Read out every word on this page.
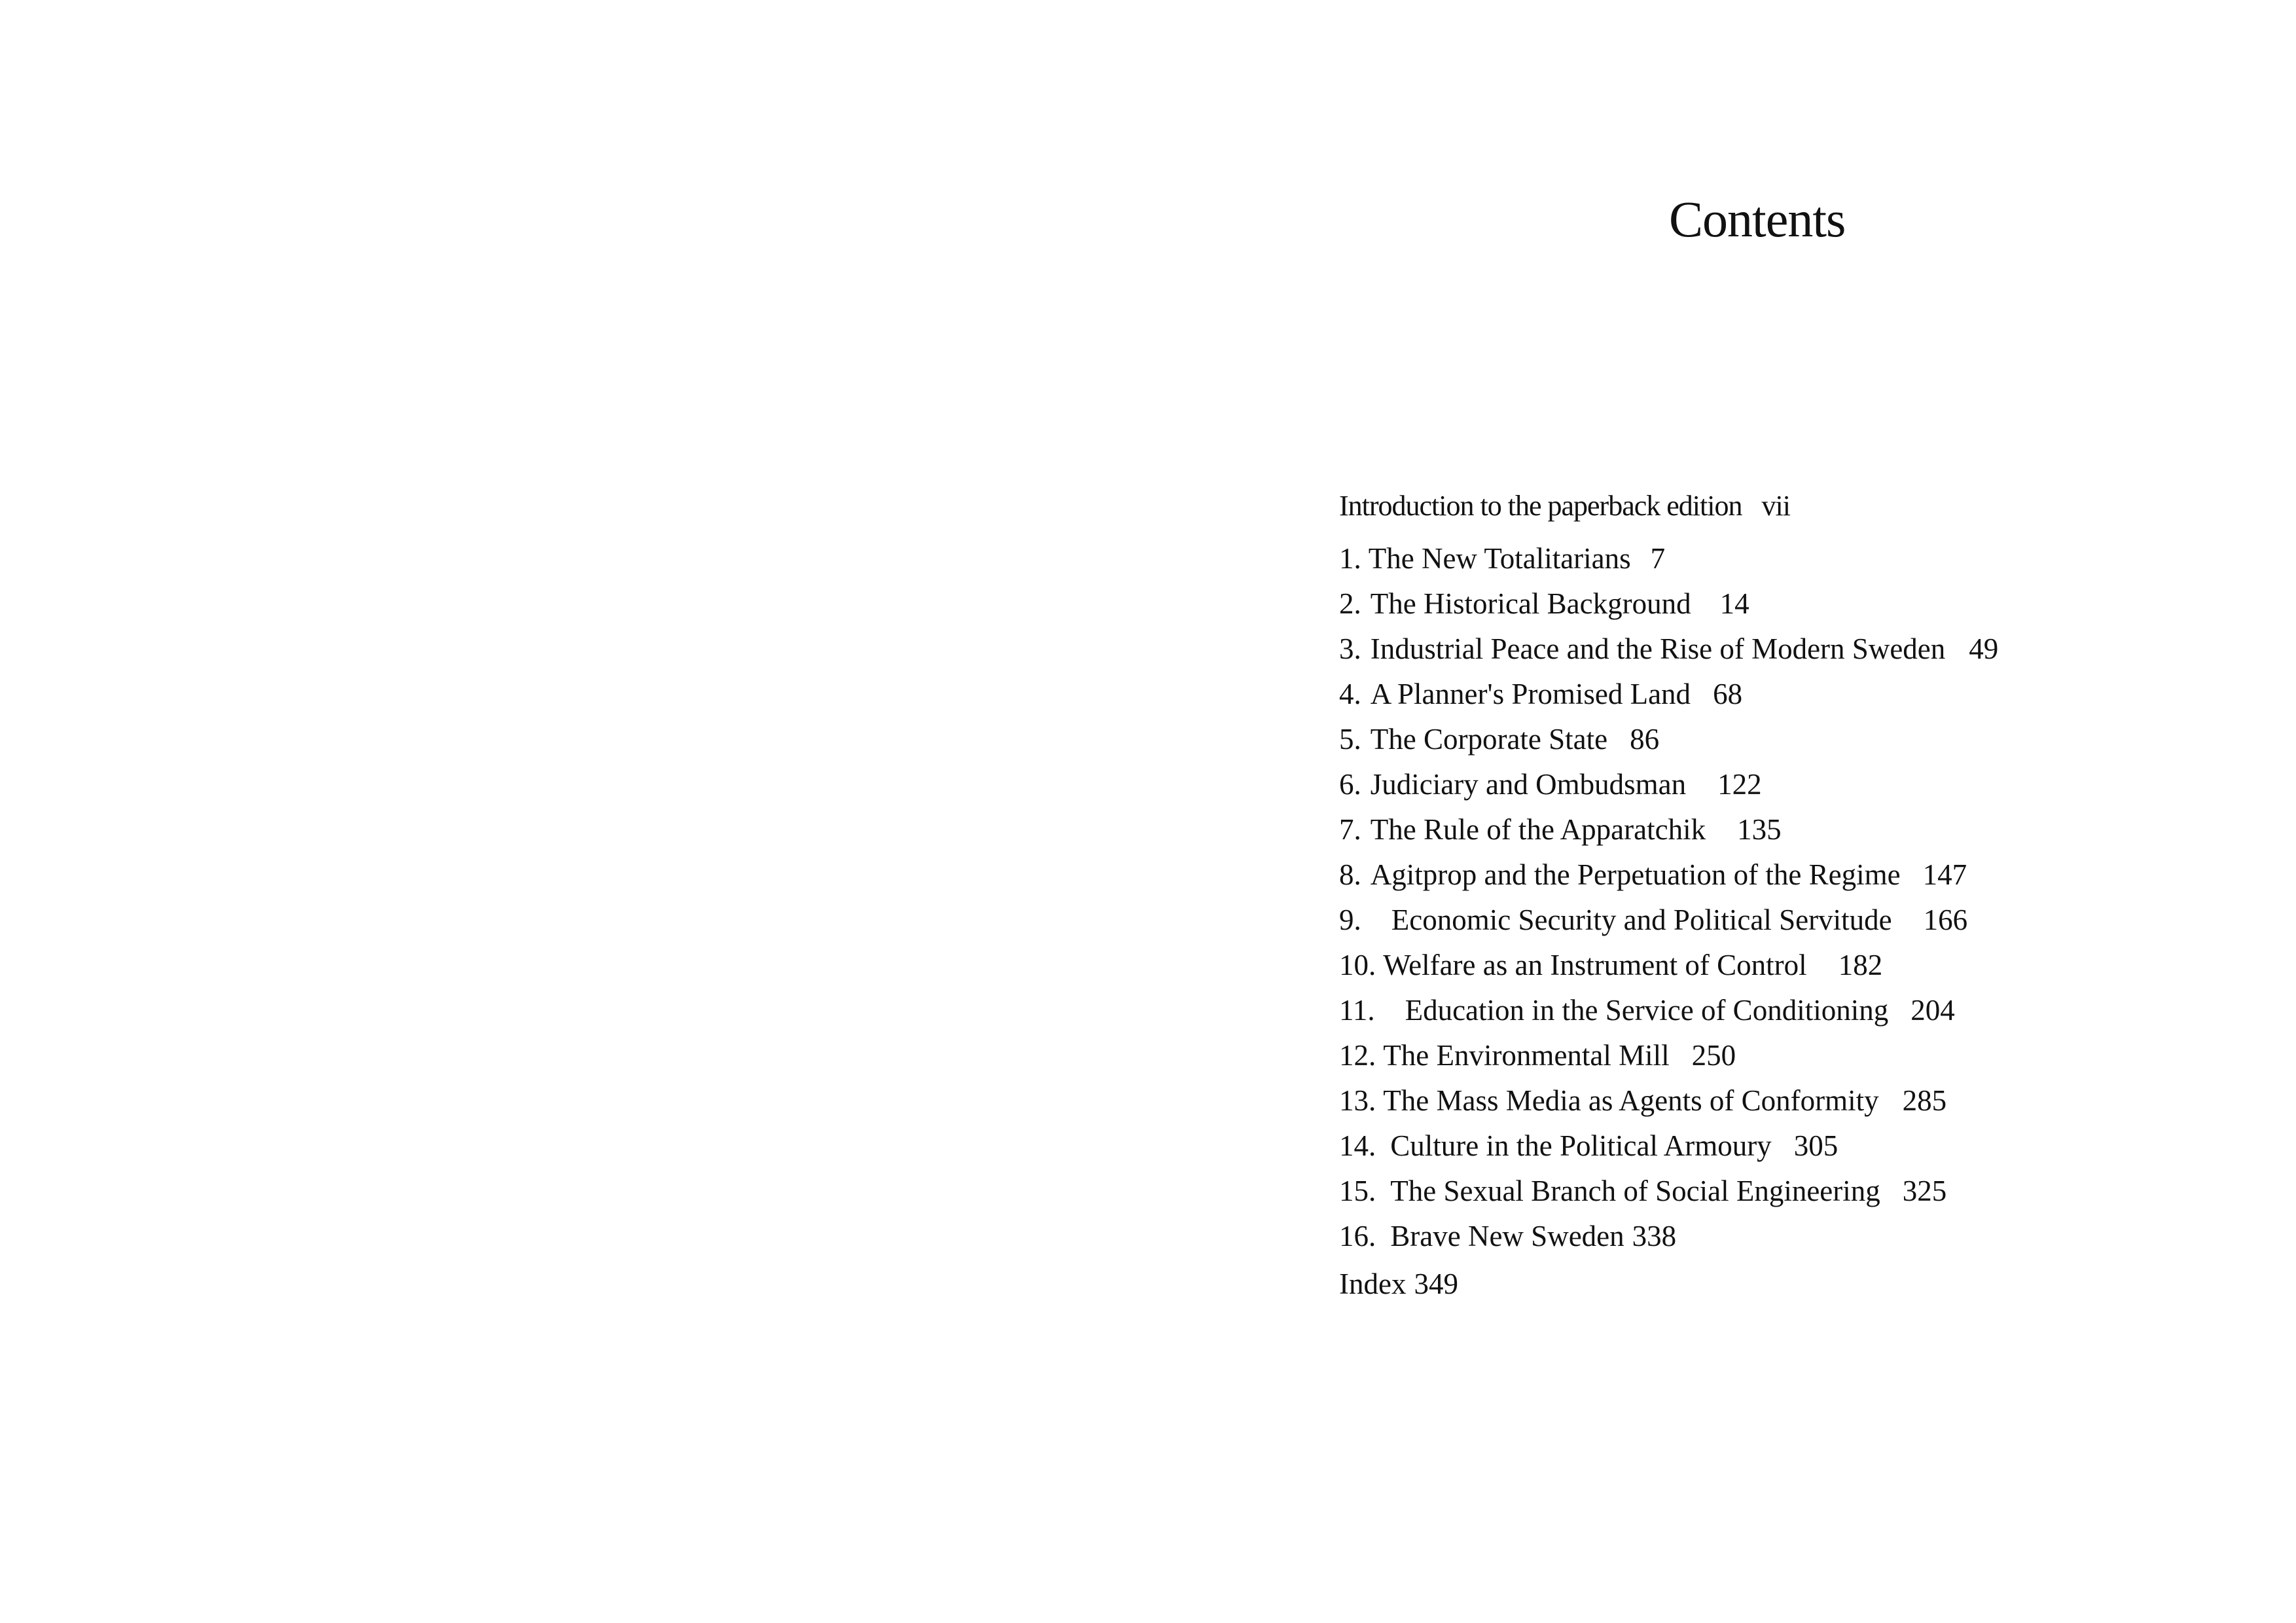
Contents
Introduction to the paperback edition vii
1. The New Totalitarians 7
2. The Historical Background 14
3. Industrial Peace and the Rise of Modern Sweden 49
4. A Planner's Promised Land 68
5. The Corporate State 86
6. Judiciary and Ombudsman 122
7. The Rule of the Apparatchik 135
8. Agitprop and the Perpetuation of the Regime 147
9. Economic Security and Political Servitude 166
10. Welfare as an Instrument of Control 182
11. Education in the Service of Conditioning 204
12. The Environmental Mill 250
13. The Mass Media as Agents of Conformity 285
14. Culture in the Political Armoury 305
15. The Sexual Branch of Social Engineering 325
16. Brave New Sweden 338
Index 349
